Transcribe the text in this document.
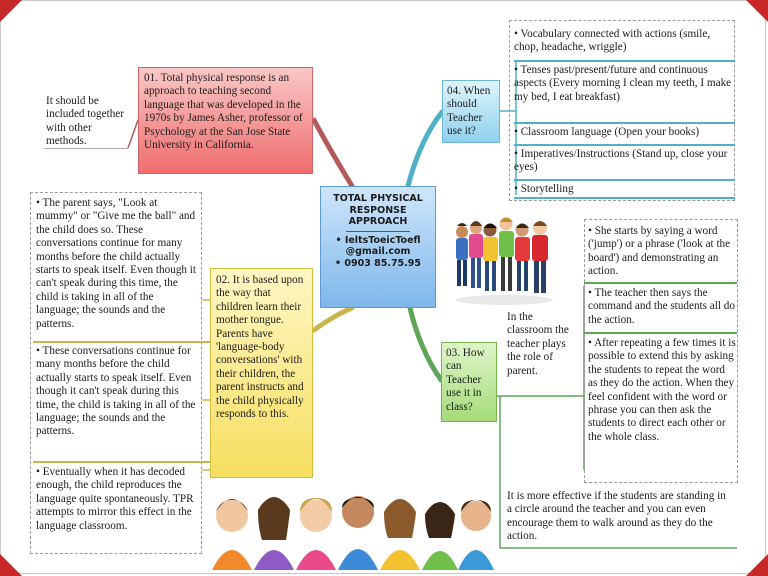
01. Total physical response is an approach to teaching second language that was developed in the 1970s by James Asher, professor of Psychology at the San Jose State University in California.
It should be included together with other methods.
TOTAL PHYSICAL RESPONSE APPROACH
• IeltsToeicToefl @gmail.com
• 0903 85.75.95
02. It is based upon the way that children learn their mother tongue. Parents have 'language-body conversations' with their children, the parent instructs and the child physically responds to this.
• The parent says, "Look at mummy" or "Give me the ball" and the child does so. These conversations continue for many months before the child actually starts to speak itself. Even though it can't speak during this time, the child is taking in all of the language; the sounds and the patterns.
• These conversations continue for many months before the child actually starts to speak itself. Even though it can't speak during this time, the child is taking in all of the language; the sounds and the patterns.
• Eventually when it has decoded enough, the child reproduces the language quite spontaneously. TPR attempts to mirror this effect in the language classroom.
04. When should Teacher use it?
• Vocabulary connected with actions (smile, chop, headache, wriggle)
• Tenses past/present/future and continuous aspects (Every morning I clean my teeth, I make my bed, I eat breakfast)
• Classroom language (Open your books)
• Imperatives/Instructions (Stand up, close your eyes)
• Storytelling
03. How can Teacher use it in class?
In the classroom the teacher plays the role of parent.
• She starts by saying a word ('jump') or a phrase ('look at the board') and demonstrating an action.
• The teacher then says the command and the students all do the action.
• After repeating a few times it is possible to extend this by asking the students to repeat the word as they do the action. When they feel confident with the word or phrase you can then ask the students to direct each other or the whole class.
It is more effective if the students are standing in a circle around the teacher and you can even encourage them to walk around as they do the action.
